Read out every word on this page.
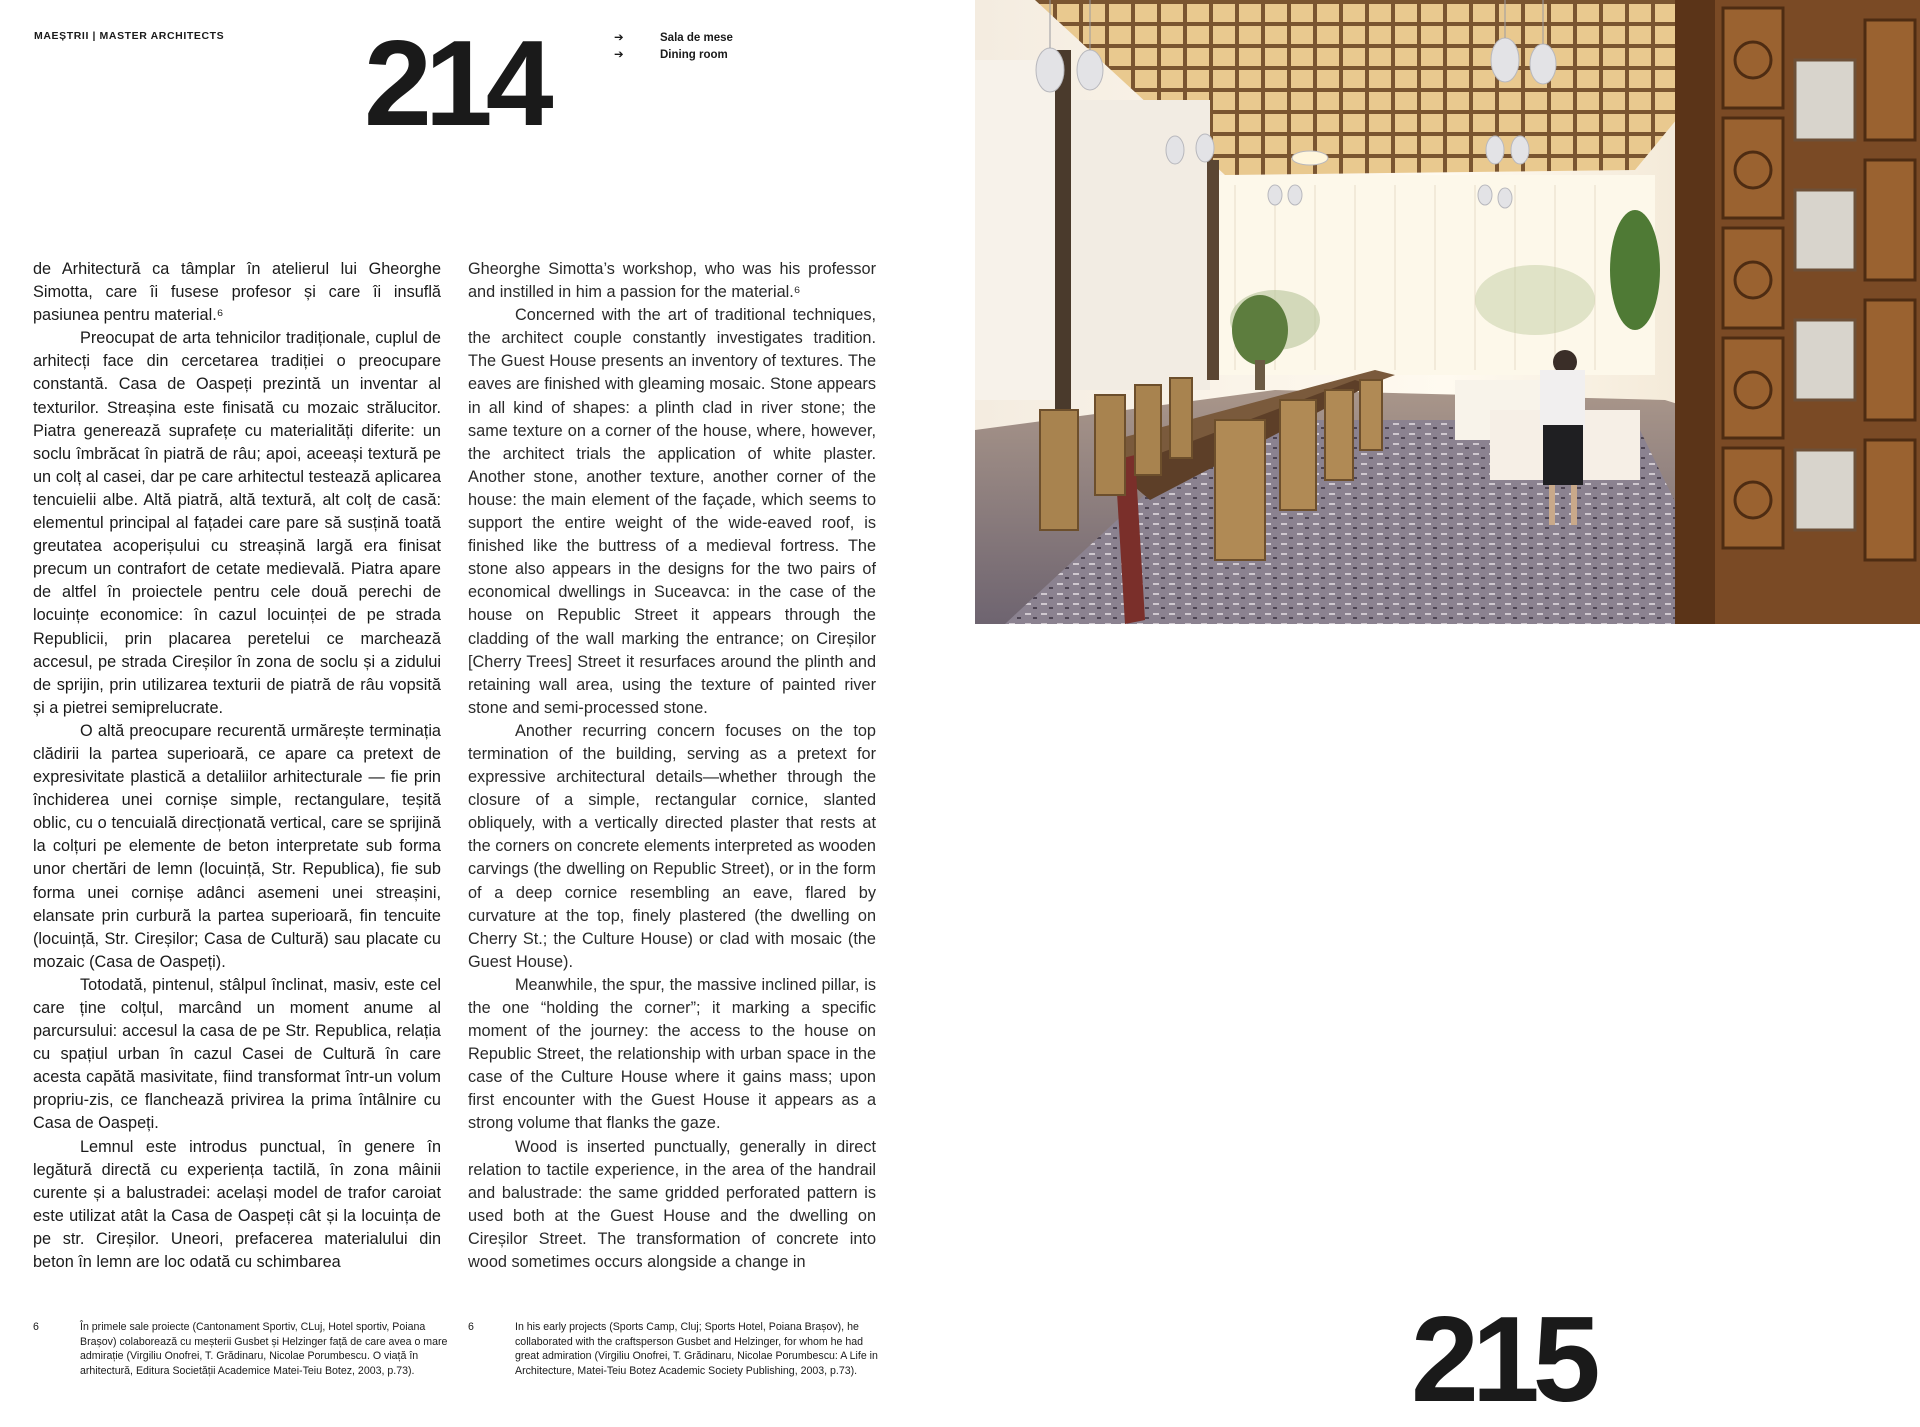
MAEȘTRII | MASTER ARCHITECTS 214	➔	Sala de mese
➔	Dining room

de Arhitectură ca tâmplar în atelierul lui Gheorghe Simotta, care îi fusese profesor și care îi insuflă pasiunea pentru material.⁶

Preocupat de arta tehnicilor tradiționale, cuplul de arhitecți face din cercetarea tradiției o preocupare constantă. Casa de Oaspeți prezintă un inventar al texturilor. Streașina este finisată cu mozaic strălucitor. Piatra generează suprafețe cu materialități diferite: un soclu îmbrăcat în piatră de râu; apoi, aceeași textură pe un colț al casei, dar pe care arhitectul testează aplicarea tencuielii albe. Altă piatră, altă textură, alt colț de casă: elementul principal al fațadei care pare să susțină toată greutatea acoperișului cu streașină largă era finisat precum un contrafort de cetate medievală. Piatra apare de altfel în proiectele pentru cele două perechi de locuințe economice: în cazul locuinței de pe strada Republicii, prin placarea peretelui ce marchează accesul, pe strada Cireșilor în zona de soclu și a zidului de sprijin, prin utilizarea texturii de piatră de râu vopsită și a pietrei semiprelucrate.

O altă preocupare recurentă urmărește terminația clădirii la partea superioară, ce apare ca pretext de expresivitate plastică a detaliilor arhitecturale — fie prin închiderea unei cornișe simple, rectangulare, teșită oblic, cu o tencuială direcționată vertical, care se sprijină la colțuri pe elemente de beton interpretate sub forma unor chertări de lemn (locuință, Str. Republica), fie sub forma unei cornișe adânci asemeni unei streașini, elansate prin curbură la partea superioară, fin tencuite (locuință, Str. Cireșilor; Casa de Cultură) sau placate cu mozaic (Casa de Oaspeți).

Totodată, pintenul, stâlpul înclinat, masiv, este cel care ține colțul, marcând un moment anume al parcursului: accesul la casa de pe Str. Republica, relația cu spațiul urban în cazul Casei de Cultură în care acesta capătă masivitate, fiind transformat într-un volum propriu-zis, ce flanchează privirea la prima întâlnire cu Casa de Oaspeți.

Lemnul este introdus punctual, în genere în legătură directă cu experiența tactilă, în zona mâinii curente și a balustradei: același model de trafor caroiat este utilizat atât la Casa de Oaspeți cât și la locuința de pe str. Cireșilor. Uneori, prefacerea materialului din beton în lemn are loc odată cu schimbarea

Gheorghe Simotta’s workshop, who was his professor and instilled in him a passion for the material.⁶

Concerned with the art of traditional techniques, the architect couple constantly investigates tradition. The Guest House presents an inventory of textures. The eaves are finished with gleaming mosaic. Stone appears in all kind of shapes: a plinth clad in river stone; the same texture on a corner of the house, where, however, the architect trials the application of white plaster. Another stone, another texture, another corner of the house: the main element of the façade, which seems to support the entire weight of the wide-eaved roof, is finished like the buttress of a medieval fortress. The stone also appears in the designs for the two pairs of economical dwellings in Suceavca: in the case of the house on Republic Street it appears through the cladding of the wall marking the entrance; on Cireșilor [Cherry Trees] Street it resurfaces around the plinth and retaining wall area, using the texture of painted river stone and semi-processed stone.

Another recurring concern focuses on the top termination of the building, serving as a pretext for expressive architectural details—whether through the closure of a simple, rectangular cornice, slanted obliquely, with a vertically directed plaster that rests at the corners on concrete elements interpreted as wooden carvings (the dwelling on Republic Street), or in the form of a deep cornice resembling an eave, flared by curvature at the top, finely plastered (the dwelling on Cherry St.; the Culture House) or clad with mosaic (the Guest House).

Meanwhile, the spur, the massive inclined pillar, is the one “holding the corner”; it marking a specific moment of the journey: the access to the house on Republic Street, the relationship with urban space in the case of the Culture House where it gains mass; upon first encounter with the Guest House it appears as a strong volume that flanks the gaze.

Wood is inserted punctually, generally in direct relation to tactile experience, in the area of the handrail and balustrade: the same gridded perforated pattern is used both at the Guest House and the dwelling on Cireșilor Street. The transformation of concrete into wood sometimes occurs alongside a change in

6	În primele sale proiecte (Cantonament Sportiv, CLuj, Hotel sportiv, Poiana Brașov) colaborează cu meșterii Gusbet și Helzinger față de care avea o mare admirație (Virgiliu Onofrei, T. Grădinaru, Nicolae Porumbescu. O viață în arhitectură, Editura Societății Academice Matei-Teiu Botez, 2003, p.73).
6	In his early projects (Sports Camp, Cluj; Sports Hotel, Poiana Brașov), he collaborated with the craftsperson Gusbet and Helzinger, for whom he had great admiration (Virgiliu Onofrei, T. Grădinaru, Nicolae Porumbescu: A Life in Architecture, Matei-Teiu Botez Academic Society Publishing, 2003, p.73).	215
